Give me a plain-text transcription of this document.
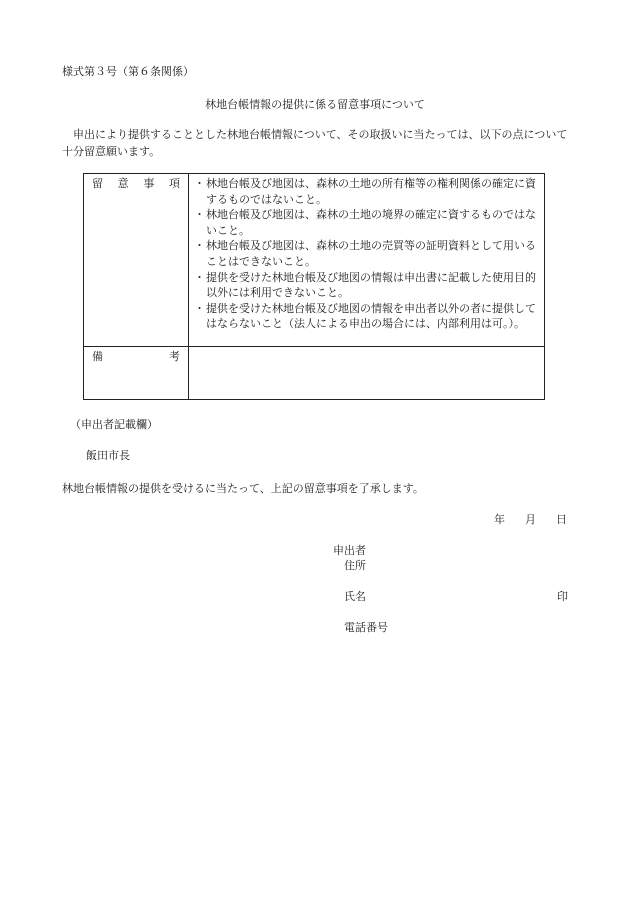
様式第３号（第６条関係）
林地台帳情報の提供に係る留意事項について
申出により提供することとした林地台帳情報について、その取扱いに当たっては、以下の点について十分留意願います。
留 意 事 項 ・ 林地台帳及び地図は、森林の土地の所有権等の権利関係の確定に資するものではないこと。
・ 林地台帳及び地図は、森林の土地の境界の確定に資するものではないこと。
・ 林地台帳及び地図は、森林の土地の売買等の証明資料として用いることはできないこと。
・ 提供を受けた林地台帳及び地図の情報は申出書に記載した使用目的以外には利用できないこと。
・ 提供を受けた林地台帳及び地図の情報を申出者以外の者に提供してはならないこと（法人による申出の場合には、内部利用は可。）。
備	考
（申出者記載欄）
飯田市長
林地台帳情報の提供を受けるに当たって、上記の留意事項を了承します。
年 月 日
申出者
住所
氏名	印
電話番号
